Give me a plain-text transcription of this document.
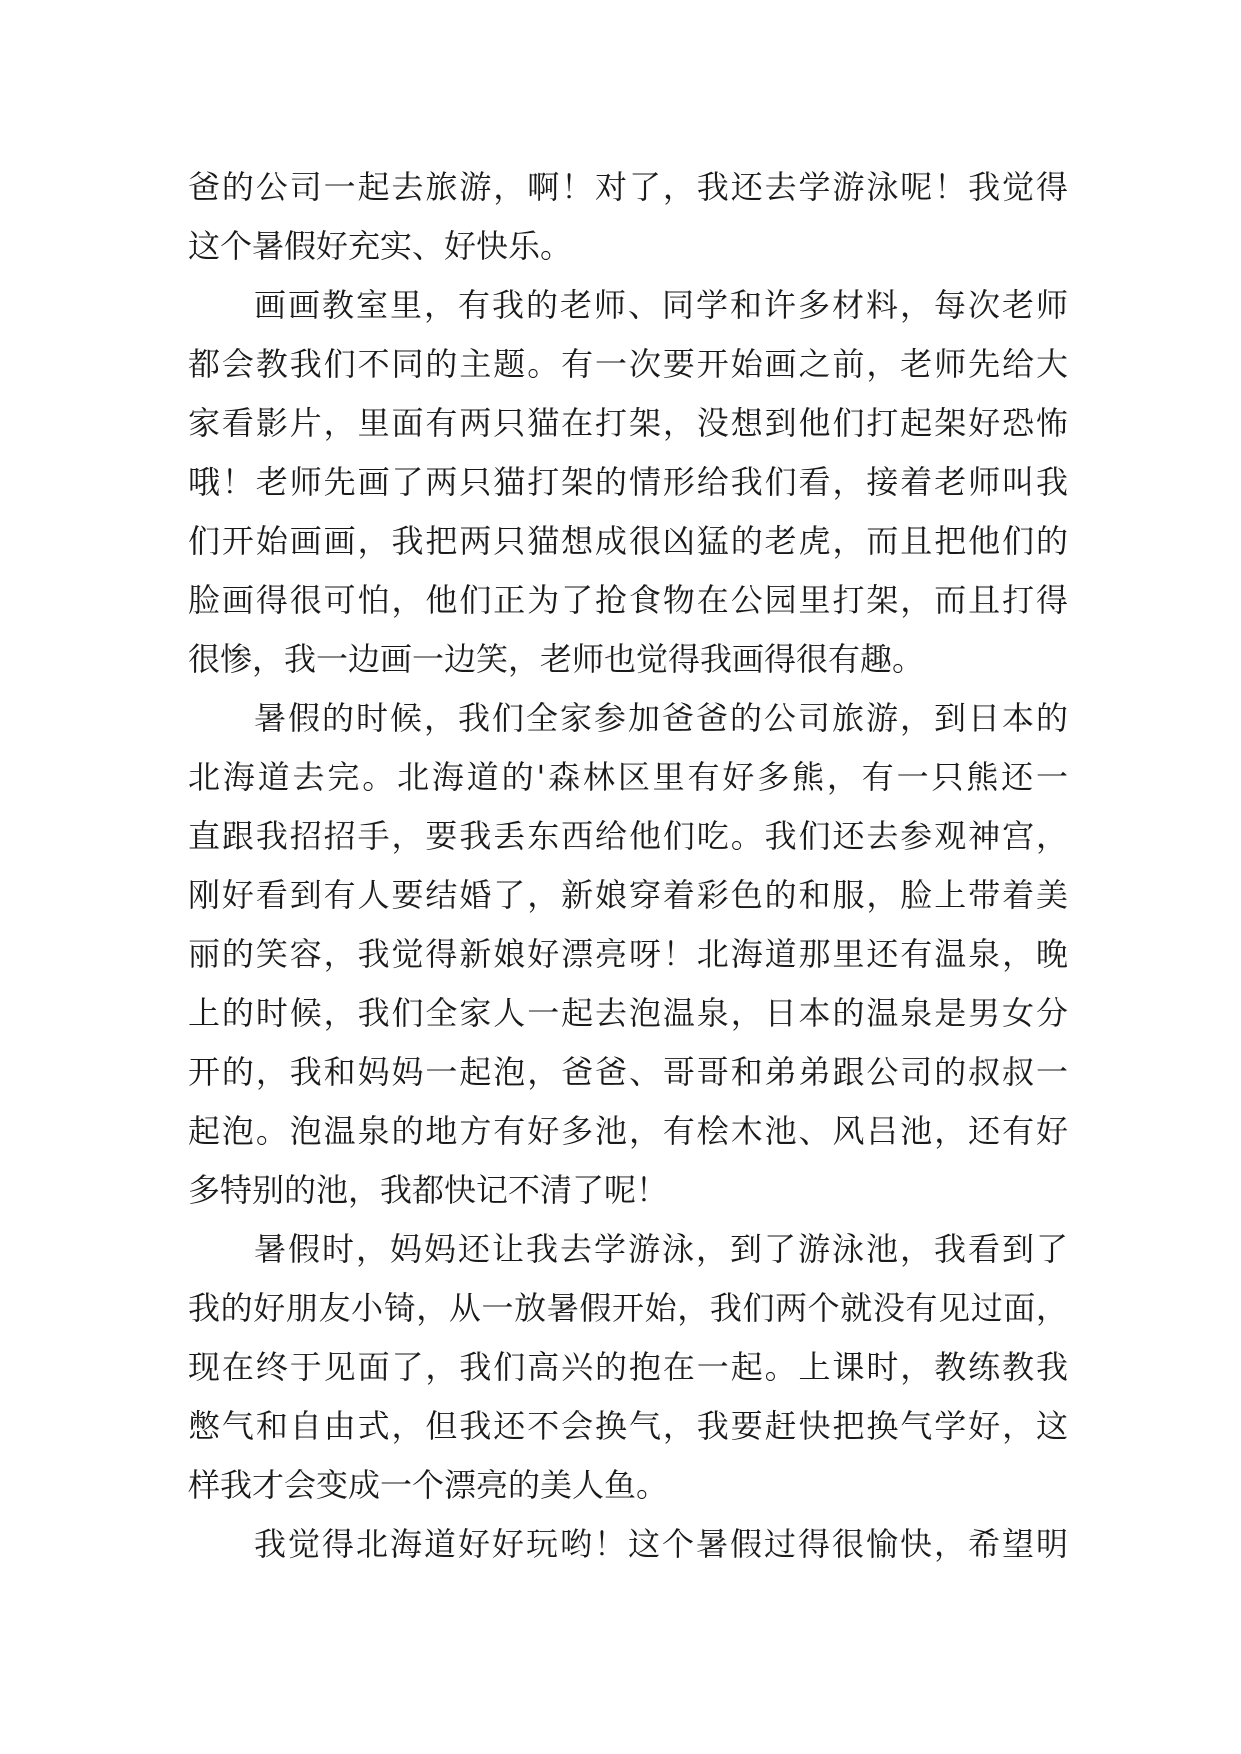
爸的公司一起去旅游，啊！对了，我还去学游泳呢！我觉得
这个暑假好充实、好快乐。
画画教室里，有我的老师、同学和许多材料，每次老师
都会教我们不同的主题。有一次要开始画之前，老师先给大
家看影片，里面有两只猫在打架，没想到他们打起架好恐怖
哦！老师先画了两只猫打架的情形给我们看，接着老师叫我
们开始画画，我把两只猫想成很凶猛的老虎，而且把他们的
脸画得很可怕，他们正为了抢食物在公园里打架，而且打得
很惨，我一边画一边笑，老师也觉得我画得很有趣。
暑假的时候，我们全家参加爸爸的公司旅游，到日本的
北海道去完。北海道的'森林区里有好多熊，有一只熊还一
直跟我招招手，要我丢东西给他们吃。我们还去参观神宫，
刚好看到有人要结婚了，新娘穿着彩色的和服，脸上带着美
丽的笑容，我觉得新娘好漂亮呀！北海道那里还有温泉，晚
上的时候，我们全家人一起去泡温泉，日本的温泉是男女分
开的，我和妈妈一起泡，爸爸、哥哥和弟弟跟公司的叔叔一
起泡。泡温泉的地方有好多池，有桧木池、风吕池，还有好
多特别的池，我都快记不清了呢！
暑假时，妈妈还让我去学游泳，到了游泳池，我看到了
我的好朋友小锜，从一放暑假开始，我们两个就没有见过面，
现在终于见面了，我们高兴的抱在一起。上课时，教练教我
憋气和自由式，但我还不会换气，我要赶快把换气学好，这
样我才会变成一个漂亮的美人鱼。
我觉得北海道好好玩哟！这个暑假过得很愉快，希望明
